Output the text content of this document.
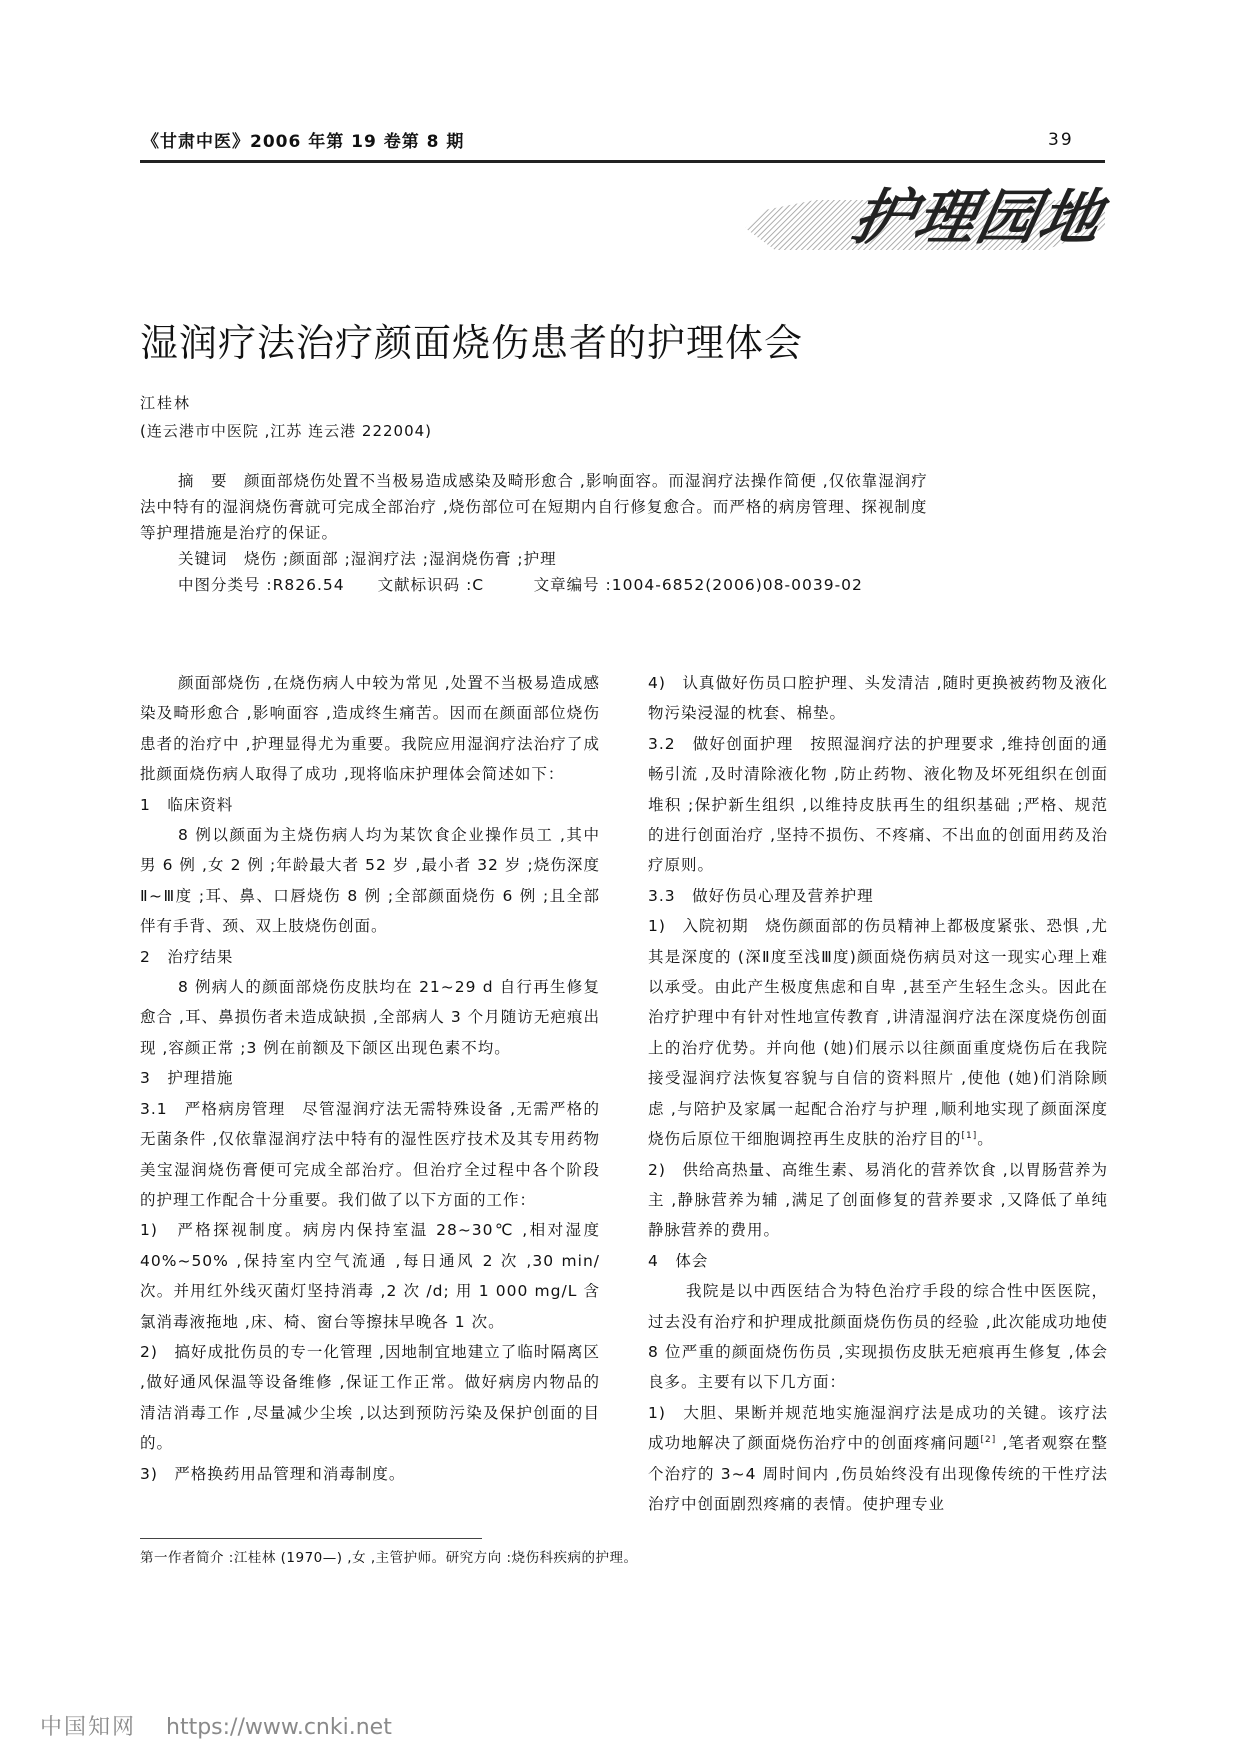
《甘肃中医》2006 年第 19 卷第 8 期	39
护理园地
湿润疗法治疗颜面烧伤患者的护理体会
江桂林
(连云港市中医院 ,江苏 连云港 222004)

摘　要　颜面部烧伤处置不当极易造成感染及畸形愈合 ,影响面容。而湿润疗法操作简便 ,仅依靠湿润疗法中特有的湿润烧伤膏就可完成全部治疗 ,烧伤部位可在短期内自行修复愈合。而严格的病房管理、探视制度等护理措施是治疗的保证。

关键词　烧伤 ;颜面部 ;湿润疗法 ;湿润烧伤膏 ;护理

中图分类号 :R826.54　　文献标识码 :C　　　文章编号 :1004-6852(2006)08-0039-02

颜面部烧伤 ,在烧伤病人中较为常见 ,处置不当极易造成感染及畸形愈合 ,影响面容 ,造成终生痛苦。因而在颜面部位烧伤患者的治疗中 ,护理显得尤为重要。我院应用湿润疗法治疗了成批颜面烧伤病人取得了成功 ,现将临床护理体会简述如下：

1　临床资料

8 例以颜面为主烧伤病人均为某饮食企业操作员工 ,其中男 6 例 ,女 2 例 ;年龄最大者 52 岁 ,最小者 32 岁 ;烧伤深度Ⅱ~Ⅲ度 ;耳、鼻、口唇烧伤 8 例 ;全部颜面烧伤 6 例 ;且全部伴有手背、颈、双上肢烧伤创面。

2　治疗结果

8 例病人的颜面部烧伤皮肤均在 21~29 d 自行再生修复愈合 ,耳、鼻损伤者未造成缺损 ,全部病人 3 个月随访无疤痕出现 ,容颜正常 ;3 例在前额及下颌区出现色素不均。

3　护理措施

3.1　严格病房管理　尽管湿润疗法无需特殊设备 ,无需严格的无菌条件 ,仅依靠湿润疗法中特有的湿性医疗技术及其专用药物美宝湿润烧伤膏便可完成全部治疗。但治疗全过程中各个阶段的护理工作配合十分重要。我们做了以下方面的工作：

1)　严格探视制度。病房内保持室温 28~30℃ ,相对湿度 40%~50% ,保持室内空气流通 ,每日通风 2 次 ,30 min/次。并用红外线灭菌灯坚持消毒 ,2 次 /d; 用 1 000 mg/L 含氯消毒液拖地 ,床、椅、窗台等擦抹早晚各 1 次。

2)　搞好成批伤员的专一化管理 ,因地制宜地建立了临时隔离区 ,做好通风保温等设备维修 ,保证工作正常。做好病房内物品的清洁消毒工作 ,尽量减少尘埃 ,以达到预防污染及保护创面的目的。

3)　严格换药用品管理和消毒制度。

4)　认真做好伤员口腔护理、头发清洁 ,随时更换被药物及液化物污染浸湿的枕套、棉垫。

3.2　做好创面护理　按照湿润疗法的护理要求 ,维持创面的通畅引流 ,及时清除液化物 ,防止药物、液化物及坏死组织在创面堆积 ;保护新生组织 ,以维持皮肤再生的组织基础 ;严格、规范的进行创面治疗 ,坚持不损伤、不疼痛、不出血的创面用药及治疗原则。

3.3　做好伤员心理及营养护理

1)　入院初期　烧伤颜面部的伤员精神上都极度紧张、恐惧 ,尤其是深度的 (深Ⅱ度至浅Ⅲ度)颜面烧伤病员对这一现实心理上难以承受。由此产生极度焦虑和自卑 ,甚至产生轻生念头。因此在治疗护理中有针对性地宣传教育 ,讲清湿润疗法在深度烧伤创面上的治疗优势。并向他 (她)们展示以往颜面重度烧伤后在我院接受湿润疗法恢复容貌与自信的资料照片 ,使他 (她)们消除顾虑 ,与陪护及家属一起配合治疗与护理 ,顺利地实现了颜面深度烧伤后原位干细胞调控再生皮肤的治疗目的[1]。

2)　供给高热量、高维生素、易消化的营养饮食 ,以胃肠营养为主 ,静脉营养为辅 ,满足了创面修复的营养要求 ,又降低了单纯静脉营养的费用。

4　体会

我院是以中西医结合为特色治疗手段的综合性中医医院，过去没有治疗和护理成批颜面烧伤伤员的经验 ,此次能成功地使 8 位严重的颜面烧伤伤员 ,实现损伤皮肤无疤痕再生修复 ,体会良多。主要有以下几方面：

1)　大胆、果断并规范地实施湿润疗法是成功的关键。该疗法成功地解决了颜面烧伤治疗中的创面疼痛问题[2] ,笔者观察在整个治疗的 3~4 周时间内 ,伤员始终没有出现像传统的干性疗法治疗中创面剧烈疼痛的表情。使护理专业

第一作者简介 :江桂林 (1970—) ,女 ,主管护师。研究方向 :烧伤科疾病的护理。
中国知网 https://www.cnki.net
